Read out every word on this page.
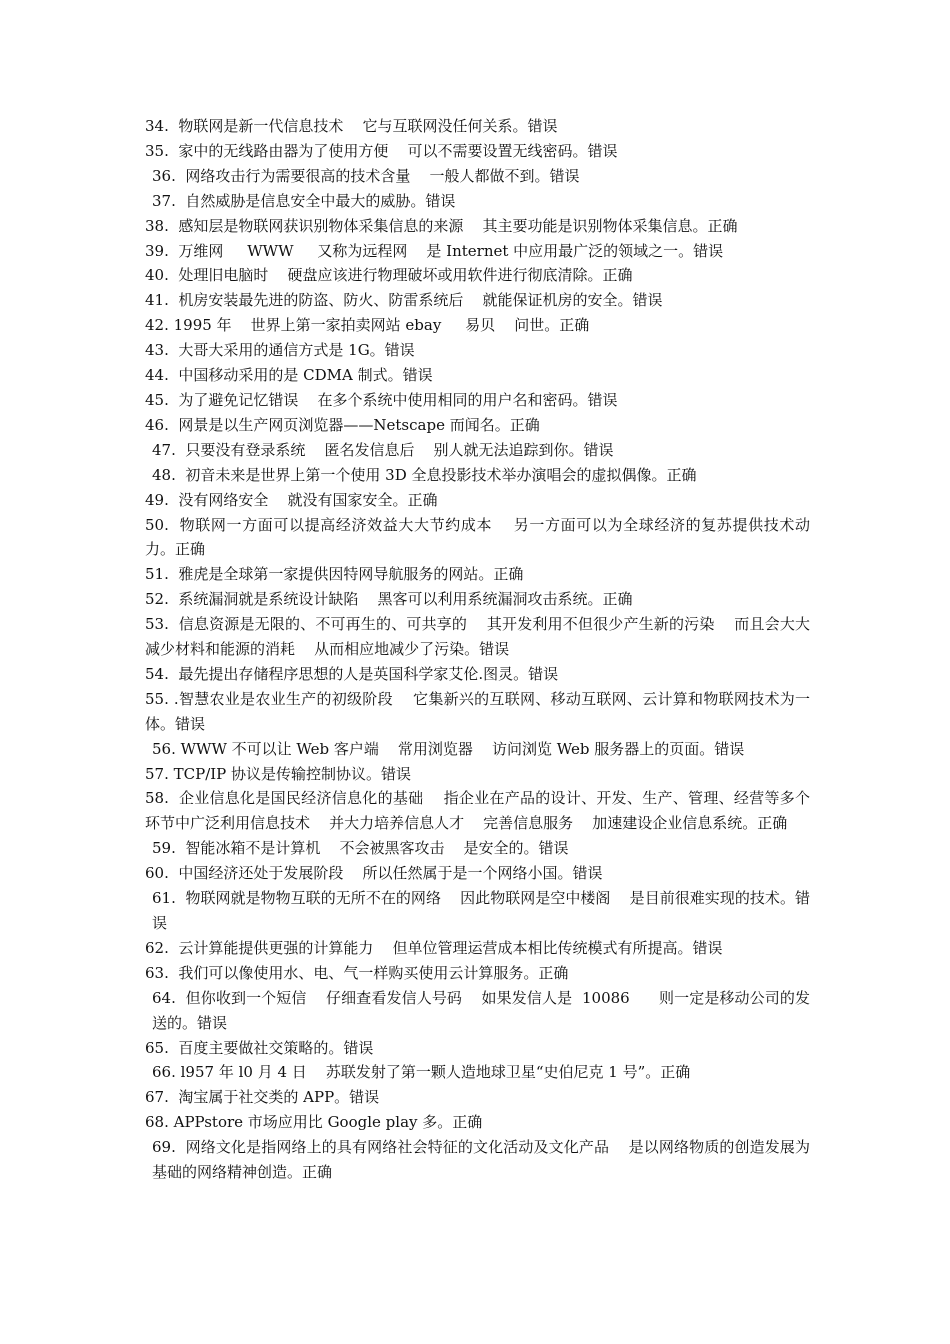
34.  物联网是新一代信息技术    它与互联网没任何关系。错误
35.  家中的无线路由器为了使用方便    可以不需要设置无线密码。错误
36.  网络攻击行为需要很高的技术含量    一般人都做不到。错误
37.  自然威胁是信息安全中最大的威胁。错误
38.  感知层是物联网获识别物体采集信息的来源    其主要功能是识别物体采集信息。正确
39.  万维网     WWW     又称为远程网    是 Internet 中应用最广泛的领域之一。错误
40.  处理旧电脑时    硬盘应该进行物理破坏或用软件进行彻底清除。正确
41.  机房安装最先进的防盗、防火、防雷系统后    就能保证机房的安全。错误
42. 1995 年    世界上第一家拍卖网站 ebay     易贝    问世。正确
43.  大哥大采用的通信方式是 1G。错误
44.  中国移动采用的是 CDMA 制式。错误
45.  为了避免记忆错误    在多个系统中使用相同的用户名和密码。错误
46.  网景是以生产网页浏览器——Netscape 而闻名。正确
47.  只要没有登录系统    匿名发信息后    别人就无法追踪到你。错误
48.  初音未来是世界上第一个使用 3D 全息投影技术举办演唱会的虚拟偶像。正确
49.  没有网络安全    就没有国家安全。正确
50.  物联网一方面可以提高经济效益大大节约成本    另一方面可以为全球经济的复苏提供技术动力。正确
51.  雅虎是全球第一家提供因特网导航服务的网站。正确
52.  系统漏洞就是系统设计缺陷    黑客可以利用系统漏洞攻击系统。正确
53.  信息资源是无限的、不可再生的、可共享的    其开发利用不但很少产生新的污染    而且会大大减少材料和能源的消耗    从而相应地减少了污染。错误
54.  最先提出存储程序思想的人是英国科学家艾伦.图灵。错误
55. .智慧农业是农业生产的初级阶段    它集新兴的互联网、移动互联网、云计算和物联网技术为一体。错误
56. WWW 不可以让 Web 客户端    常用浏览器    访问浏览 Web 服务器上的页面。错误
57. TCP/IP 协议是传输控制协议。错误
58.  企业信息化是国民经济信息化的基础    指企业在产品的设计、开发、生产、管理、经营等多个环节中广泛利用信息技术    并大力培养信息人才    完善信息服务    加速建设企业信息系统。正确
59.  智能冰箱不是计算机    不会被黑客攻击    是安全的。错误
60.  中国经济还处于发展阶段    所以任然属于是一个网络小国。错误
61.  物联网就是物物互联的无所不在的网络    因此物联网是空中楼阁    是目前很难实现的技术。错误
62.  云计算能提供更强的计算能力    但单位管理运营成本相比传统模式有所提高。错误
63.  我们可以像使用水、电、气一样购买使用云计算服务。正确
64.  但你收到一个短信    仔细查看发信人号码    如果发信人是  10086      则一定是移动公司的发送的。错误
65.  百度主要做社交策略的。错误
66. l957 年 l0 月 4 日    苏联发射了第一颗人造地球卫星“史伯尼克 1 号”。正确
67.  淘宝属于社交类的 APP。错误
68. APPstore 市场应用比 Google play 多。正确
69.  网络文化是指网络上的具有网络社会特征的文化活动及文化产品    是以网络物质的创造发展为基础的网络精神创造。正确
